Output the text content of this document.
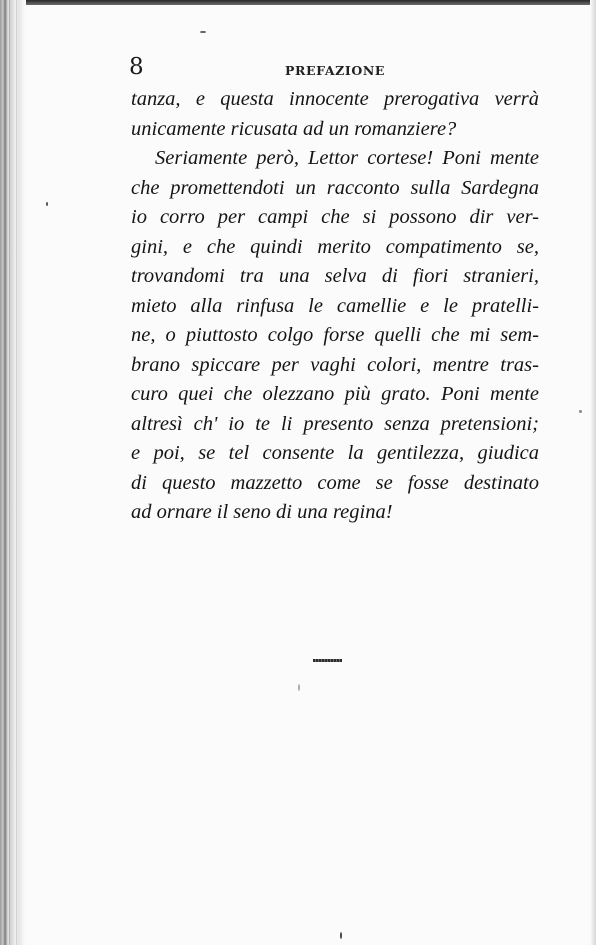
8	PREFAZIONE
tanza, e questa innocente prerogativa verrà
unicamente ricusata ad un romanziere?
Seriamente però, Lettor cortese! Poni mente
che promettendoti un racconto sulla Sardegna
io corro per campi che si possono dir ver-
gini, e che quindi merito compatimento se,
trovandomi tra una selva di fiori stranieri,
mieto alla rinfusa le camellie e le pratelli-
ne, o piuttosto colgo forse quelli che mi sem-
brano spiccare per vaghi colori, mentre tras-
curo quei che olezzano più grato. Poni mente
altresì ch' io te li presento senza pretensioni;
e poi, se tel consente la gentilezza, giudica
di questo mazzetto come se fosse destinato
ad ornare il seno di una regina!
